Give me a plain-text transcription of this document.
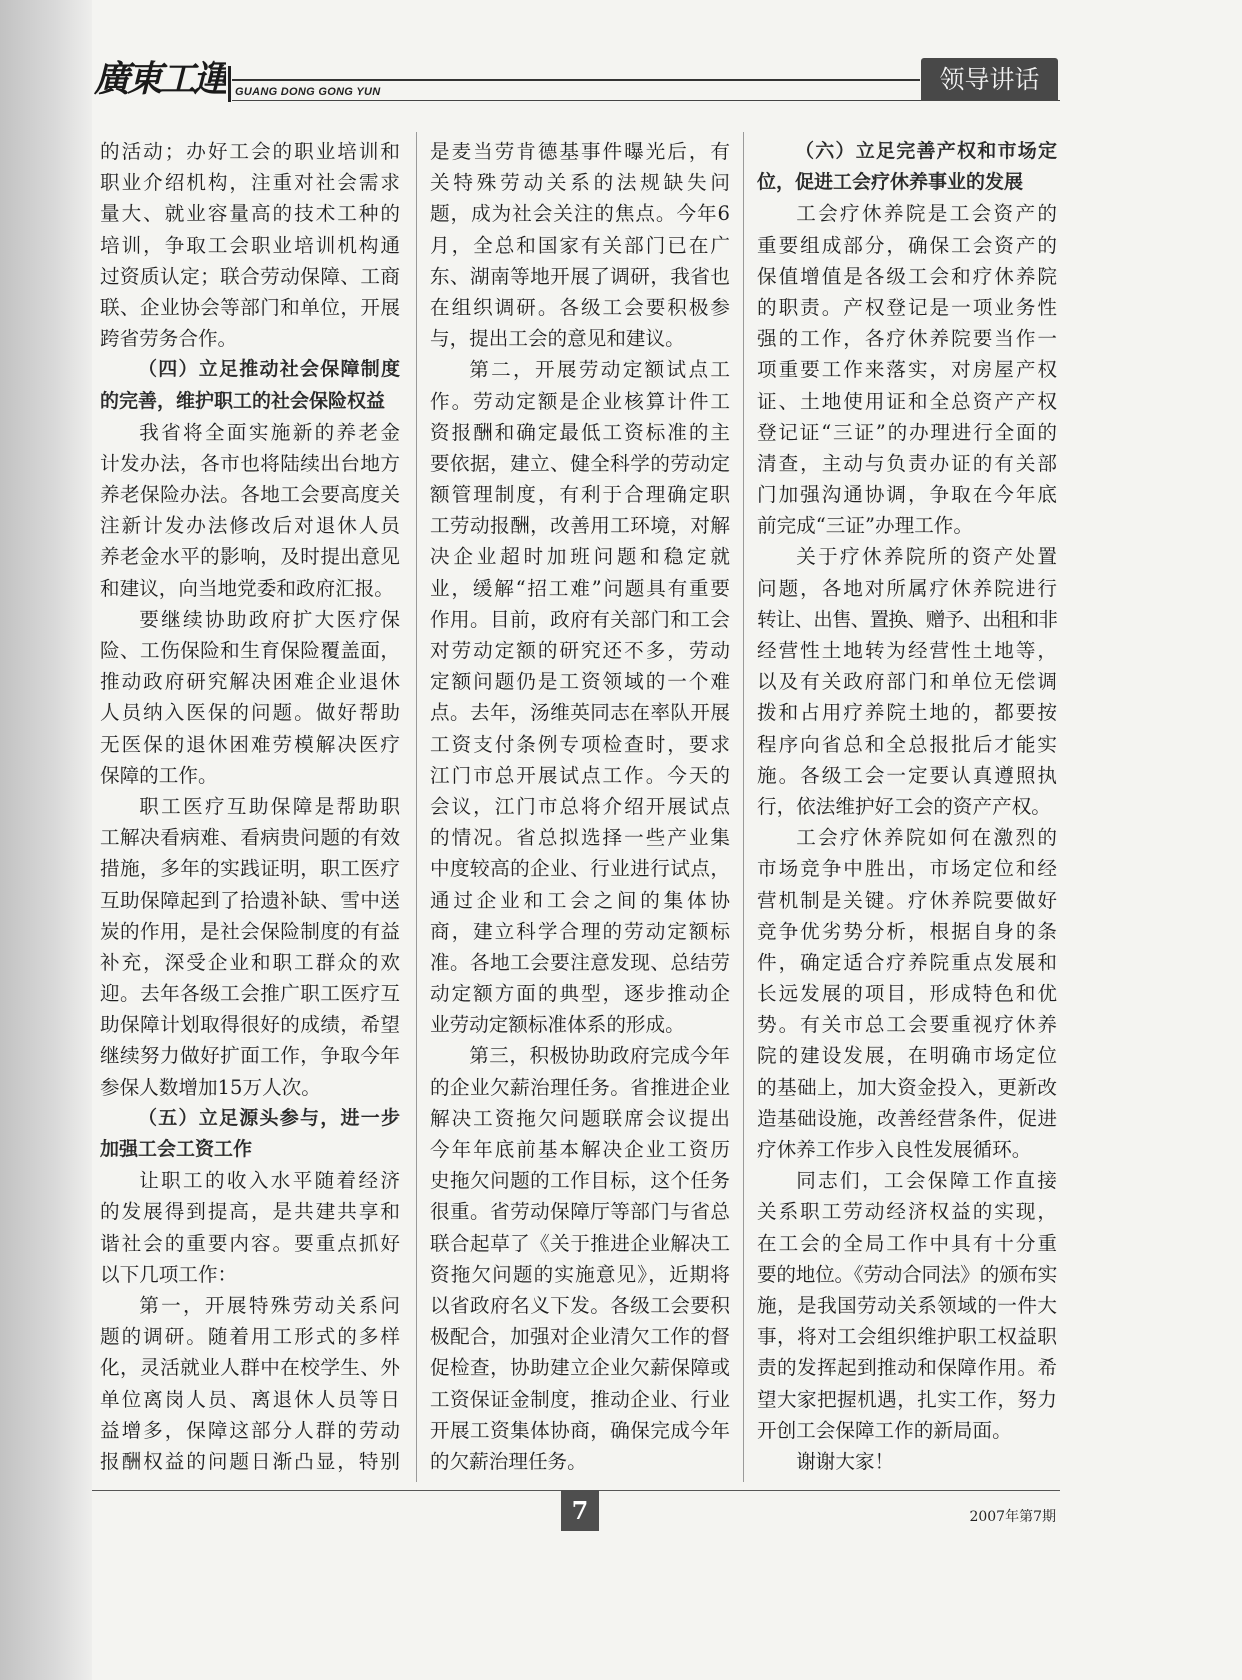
廣東工運 GUANG DONG GONG YUN	领导讲话
的活动；办好工会的职业培训和
职业介绍机构，注重对社会需求
量大、就业容量高的技术工种的
培训，争取工会职业培训机构通
过资质认定；联合劳动保障、工商
联、企业协会等部门和单位，开展
跨省劳务合作。
（四）立足推动社会保障制度
的完善，维护职工的社会保险权益
我省将全面实施新的养老金
计发办法，各市也将陆续出台地方
养老保险办法。各地工会要高度关
注新计发办法修改后对退休人员
养老金水平的影响，及时提出意见
和建议，向当地党委和政府汇报。
要继续协助政府扩大医疗保
险、工伤保险和生育保险覆盖面，
推动政府研究解决困难企业退休
人员纳入医保的问题。做好帮助
无医保的退休困难劳模解决医疗
保障的工作。
职工医疗互助保障是帮助职
工解决看病难、看病贵问题的有效
措施，多年的实践证明，职工医疗
互助保障起到了拾遗补缺、雪中送
炭的作用，是社会保险制度的有益
补充，深受企业和职工群众的欢
迎。去年各级工会推广职工医疗互
助保障计划取得很好的成绩，希望
继续努力做好扩面工作，争取今年
参保人数增加15万人次。
（五）立足源头参与，进一步
加强工会工资工作
让职工的收入水平随着经济
的发展得到提高，是共建共享和
谐社会的重要内容。要重点抓好
以下几项工作：
第一，开展特殊劳动关系问
题的调研。随着用工形式的多样
化，灵活就业人群中在校学生、外
单位离岗人员、离退休人员等日
益增多，保障这部分人群的劳动
报酬权益的问题日渐凸显，特别
是麦当劳肯德基事件曝光后，有
关特殊劳动关系的法规缺失问
题，成为社会关注的焦点。今年6
月，全总和国家有关部门已在广
东、湖南等地开展了调研，我省也
在组织调研。各级工会要积极参
与，提出工会的意见和建议。
第二，开展劳动定额试点工
作。劳动定额是企业核算计件工
资报酬和确定最低工资标准的主
要依据，建立、健全科学的劳动定
额管理制度，有利于合理确定职
工劳动报酬，改善用工环境，对解
决企业超时加班问题和稳定就
业，缓解“招工难”问题具有重要
作用。目前，政府有关部门和工会
对劳动定额的研究还不多，劳动
定额问题仍是工资领域的一个难
点。去年，汤维英同志在率队开展
工资支付条例专项检查时，要求
江门市总开展试点工作。今天的
会议，江门市总将介绍开展试点
的情况。省总拟选择一些产业集
中度较高的企业、行业进行试点，
通过企业和工会之间的集体协
商，建立科学合理的劳动定额标
准。各地工会要注意发现、总结劳
动定额方面的典型，逐步推动企
业劳动定额标准体系的形成。
第三，积极协助政府完成今年
的企业欠薪治理任务。省推进企业
解决工资拖欠问题联席会议提出
今年年底前基本解决企业工资历
史拖欠问题的工作目标，这个任务
很重。省劳动保障厅等部门与省总
联合起草了《关于推进企业解决工
资拖欠问题的实施意见》，近期将
以省政府名义下发。各级工会要积
极配合，加强对企业清欠工作的督
促检查，协助建立企业欠薪保障或
工资保证金制度，推动企业、行业
开展工资集体协商，确保完成今年
的欠薪治理任务。
（六）立足完善产权和市场定
位，促进工会疗休养事业的发展
工会疗休养院是工会资产的
重要组成部分，确保工会资产的
保值增值是各级工会和疗休养院
的职责。产权登记是一项业务性
强的工作，各疗休养院要当作一
项重要工作来落实，对房屋产权
证、土地使用证和全总资产产权
登记证“三证”的办理进行全面的
清查，主动与负责办证的有关部
门加强沟通协调，争取在今年底
前完成“三证”办理工作。
关于疗休养院所的资产处置
问题，各地对所属疗休养院进行
转让、出售、置换、赠予、出租和非
经营性土地转为经营性土地等，
以及有关政府部门和单位无偿调
拨和占用疗养院土地的，都要按
程序向省总和全总报批后才能实
施。各级工会一定要认真遵照执
行，依法维护好工会的资产产权。
工会疗休养院如何在激烈的
市场竞争中胜出，市场定位和经
营机制是关键。疗休养院要做好
竞争优劣势分析，根据自身的条
件，确定适合疗养院重点发展和
长远发展的项目，形成特色和优
势。有关市总工会要重视疗休养
院的建设发展，在明确市场定位
的基础上，加大资金投入，更新改
造基础设施，改善经营条件，促进
疗休养工作步入良性发展循环。
同志们，工会保障工作直接
关系职工劳动经济权益的实现，
在工会的全局工作中具有十分重
要的地位。《劳动合同法》的颁布实
施，是我国劳动关系领域的一件大
事，将对工会组织维护职工权益职
责的发挥起到推动和保障作用。希
望大家把握机遇，扎实工作，努力
开创工会保障工作的新局面。
谢谢大家！
7	2007年第7期
